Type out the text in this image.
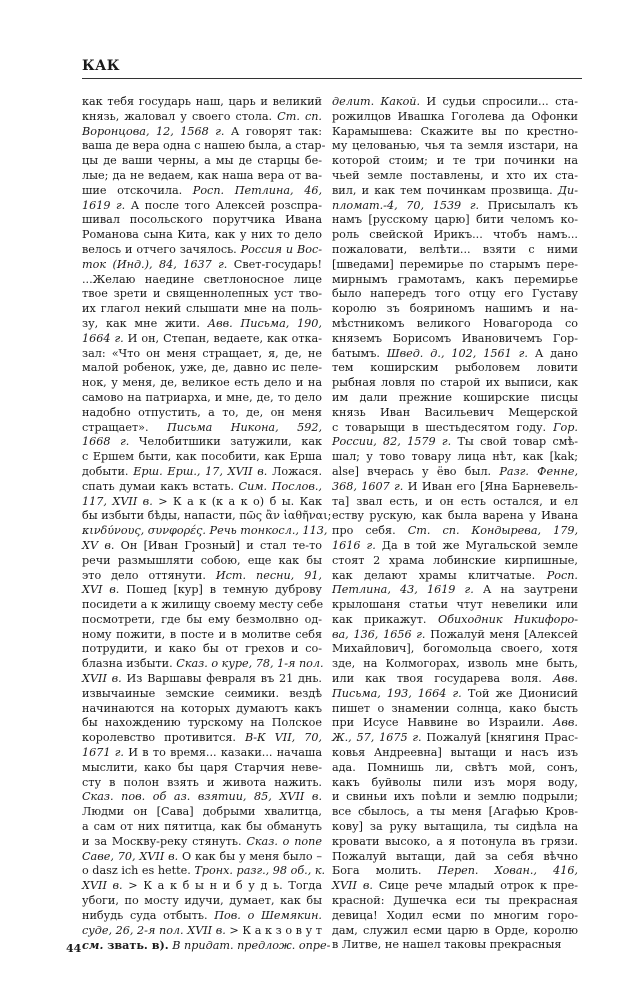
КАК
как тебя государь наш, царь и великий
князь, жаловал у своего стола. Ст. сп.
Воронцова, 12, 1568 г. А говорят так:
ваша де вера одна с нашею была, а стар-
цы де ваши черны, а мы де старцы бе-
лые; да не ведаем, как наша вера от ва-
шие отскочила. Росп. Петлина, 46,
1619 г. А после того Алексей розспра-
шивал посольского порутчика Ивана
Романова сына Кита, как у них то дело
велось и отчего зачялось. Россия и Вос-
ток (Инд.), 84, 1637 г. Свет-государь!
...Желаю наедине светлоносное лице
твое зрети и священнолепных уст тво-
их глагол некий слышати мне на поль-
зу, как мне жити. Авв. Письма, 190,
1664 г. И он, Степан, ведаете, как отка-
зал: «Что он меня стращает, я, де, не
малой робенок, уже, де, давно ис пеле-
нок, у меня, де, великое есть дело и на
самово на патриарха, и мне, де, то дело
надобно отпустить, а то, де, он меня
стращает». Письма Никона, 592,
1668 г. Челобитшики затужили, как
с Ершем быти, как пособити, как Ерша
добыти. Ерш. Ерш., 17, XVII в. Ложася.
спать думаи какъ встать. Сим. Послов.,
117, XVII в. > К а к (к а к о) б ы. Как
бы избыти бѣды, напасти, πῶς ἂν ἰαθῆναι;
κινδύνους, συνφορές. Речь тонкосл., 113,
XV в. Он [Иван Грозный] и стал те-то
речи размышляти собою, еще как бы
это дело оттянути. Ист. песни, 91,
XVI в. Пошед [кур] в темную дуброву
посидети а к жилищу своему месту себе
посмотрети, где бы ему безмолвно од-
ному пожити, в посте и в молитве себя
потрудити, и како бы от грехов и со-
блазна избыти. Сказ. о куре, 78, 1-я пол.
XVII в. Из Варшавы февраля въ 21 днь.
извычаиные земские сеимики. вездѣ
начинаются на которых думаютъ какъ
бы нахождению турскому на Полское
королевство противится. В-К VII, 70,
1671 г. И в то время... казаки... начаша
мыслити, како бы царя Старчия неве-
сту в полон взять и живота нажить.
Сказ. пов. об аз. взятии, 85, XVII в.
Людми он [Сава] добрыми хвалитца,
а сам от них пятитца, как бы обмануть
и за Москву-реку стянуть. Сказ. о попе
Саве, 70, XVII в. О как бы у меня было –
o dasz ich es hette. Тронх. разг., 98 об., к.
XVII в. > К а к б ы н и б у д ь. Тогда
убоги, по мосту идучи, думает, как бы
нибудь суда отбыть. Пов. о Шемякин.
суде, 26, 2-я пол. XVII в. > К а к з о в у т
см. звать. в). В придат. предлож. опре-
делит. Какой. И судьи спросили... ста-
рожилцов Ивашка Гоголева да Офонки
Карамышева: Скажите вы по крестно-
му целованью, чья та земля изстари, на
которой стоим; и те три починки на
чьей земле поставлены, и хто их ста-
вил, и как тем починкам прозвища. Ди-
пломат.-4, 70, 1539 г. Присылалъ къ
намъ [русскому царю] бити челомъ ко-
роль свейской Ирикъ... чтобъ намъ...
пожаловати, велѣти... взяти с ними
[шведами] перемирье по старымъ пере-
мирнымъ грамотамъ, какъ перемирье
было напередъ того отцу его Густаву
королю зъ бояриномъ нашимъ и на-
мѣстникомъ великого Новагорода со
княземъ Борисомъ Ивановичемъ Гор-
батымъ. Швед. д., 102, 1561 г. А дано
тем коширским рыболовем ловити
рыбная ловля по старой их выписи, как
им дали прежние коширские писцы
князь Иван Васильевич Мещерской
с товарыщи в шестьдесятом году. Гор.
России, 82, 1579 г. Ты свой товар смѣ-
шал; у тово товару лица нѣт, как [kak;
alse] вчерась у ёво был. Разг. Фенне,
368, 1607 г. И Иван его [Яна Барневель-
та] звал есть, и он есть остался, и ел
еству рускую, как была варена у Ивана
про себя. Ст. сп. Кондырева, 179,
1616 г. Да в той же Мугальской земле
стоят 2 храма лобинские кирпишные,
как делают храмы клитчатые. Росп.
Петлина, 43, 1619 г. А на заутрени
крылошаня статьи чтут невелики или
как прикажут. Обиходник Никифоро-
ва, 136, 1656 г. Пожалуй меня [Алексей
Михайлович], богомольца своего, хотя
зде, на Колмогорах, изволь мне быть,
или как твоя государева воля. Авв.
Письма, 193, 1664 г. Той же Дионисий
пишет о знамении солнца, како бысть
при Исусе Наввине во Израили. Авв.
Ж., 57, 1675 г. Пожалуй [княгиня Прас-
ковья Андреевна] вытащи и насъ изъ
ада. Помнишь ли, свѣтъ мой, сонъ,
какъ буйволы пили изъ моря воду,
и свиньи ихъ поѣли и землю подрыли;
все сбылось, а ты меня [Агафью Кров-
кову] за руку вытащила, ты сидѣла на
кровати высоко, а я потонула въ грязи.
Пожалуй вытащи, дай за себя вѣчно
Бога молить. Переп. Хован., 416,
XVII в. Сице рече младый отрок к пре-
красной: Душечка еси ты прекрасная
девица! Ходил есми по многим горо-
дам, служил есми царю в Орде, королю
в Литве, не нашел таковы прекрасныя
44
